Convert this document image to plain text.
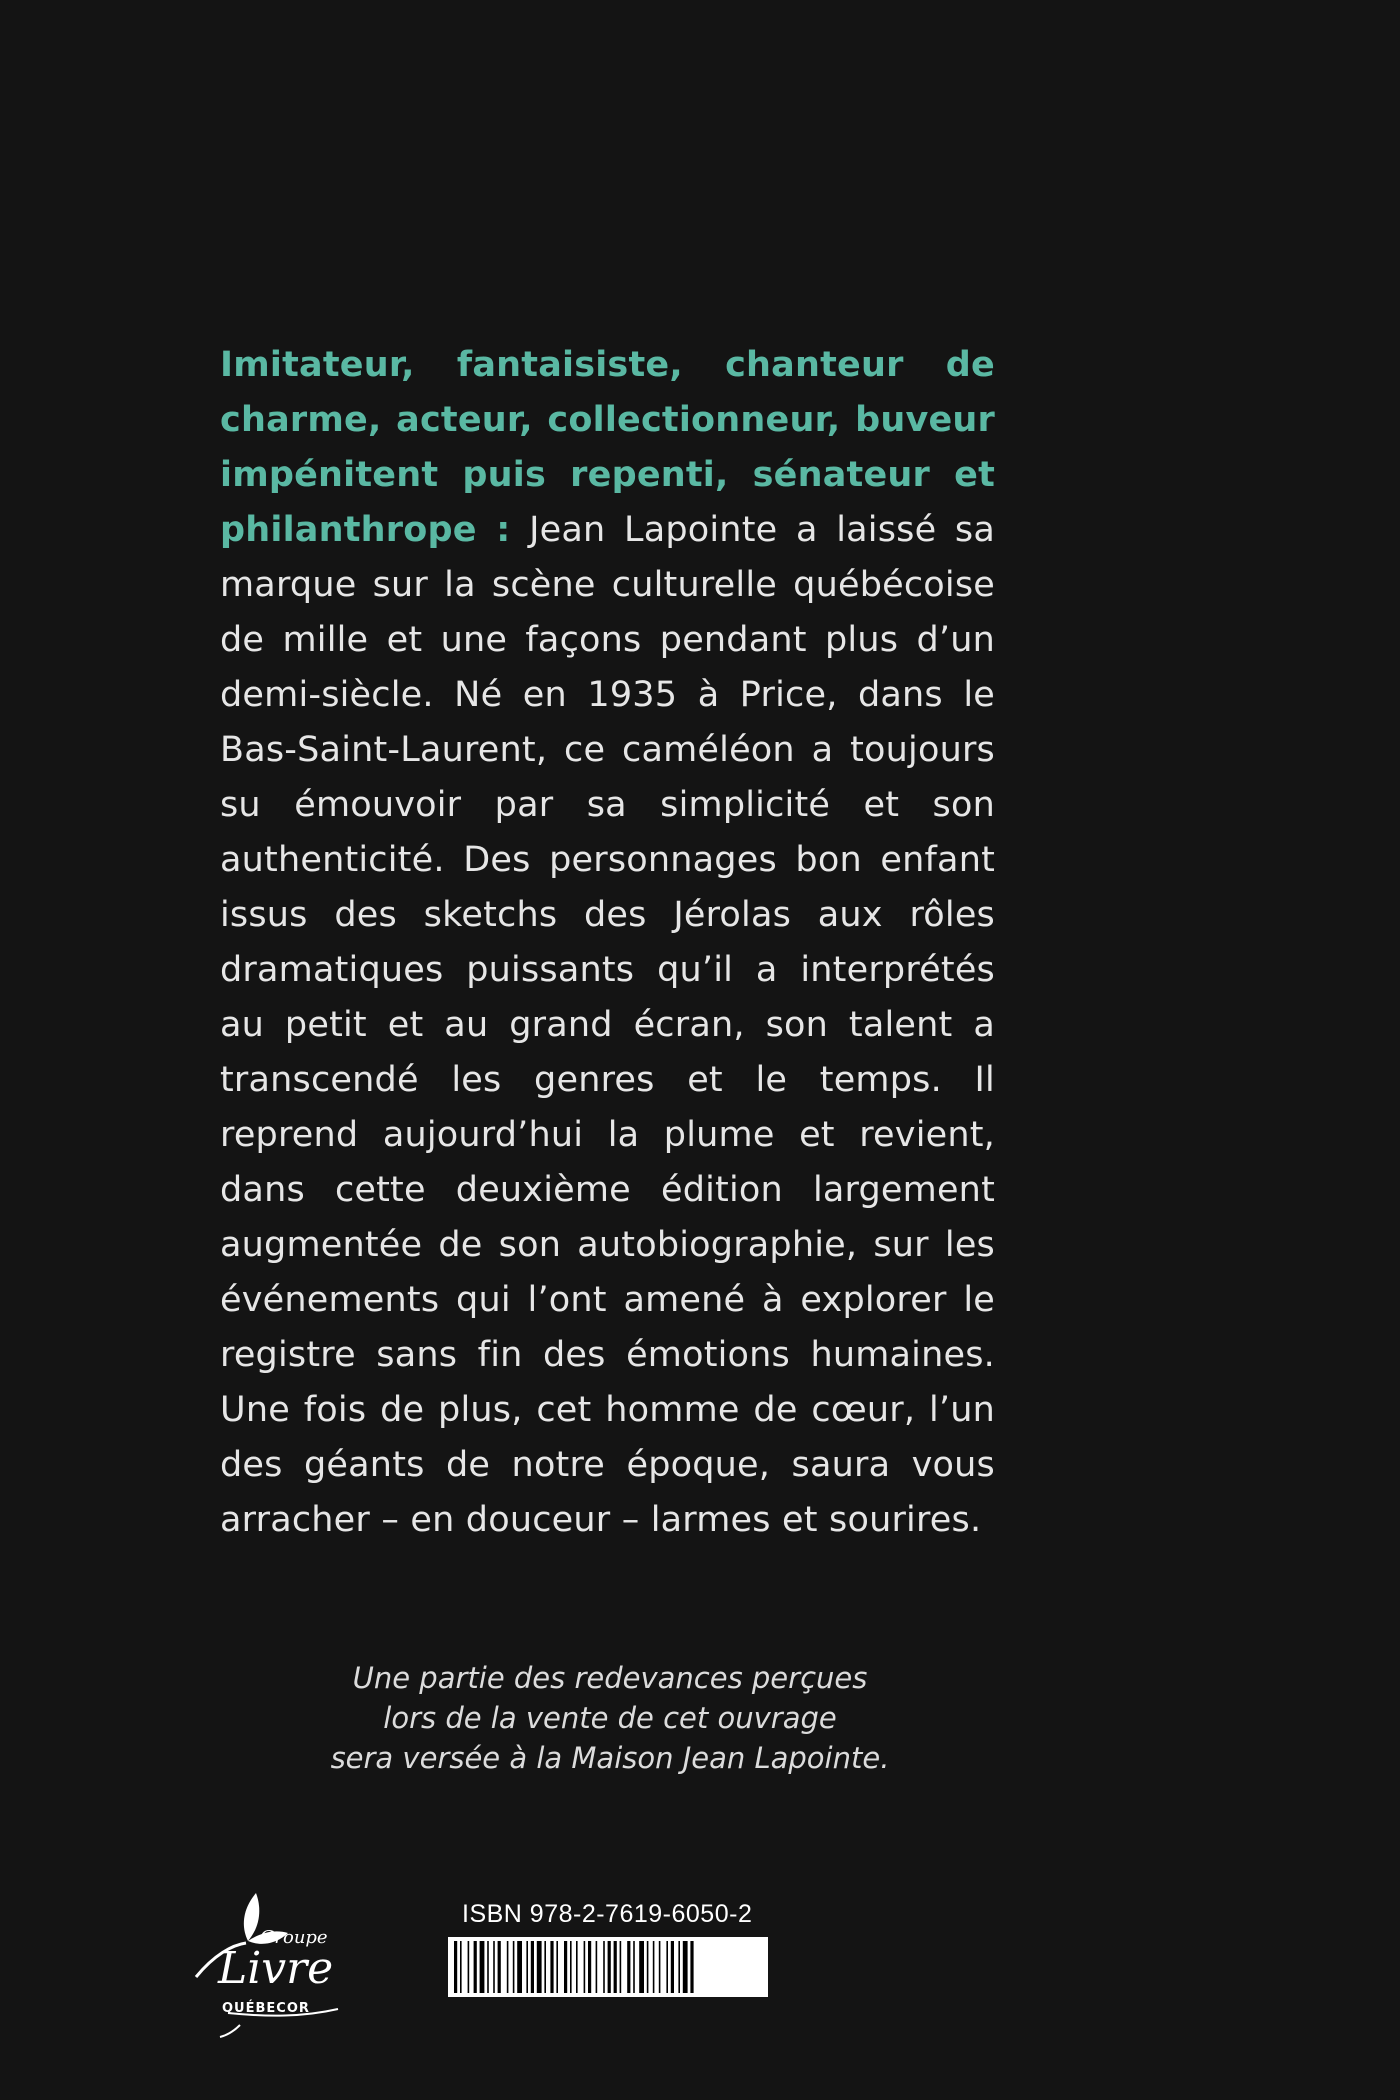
Imitateur, fantaisiste, chanteur de charme, acteur, collectionneur, buveur impénitent puis repenti, sénateur et philanthrope : Jean Lapointe a laissé sa marque sur la scène culturelle québécoise de mille et une façons pendant plus d’un demi-siècle. Né en 1935 à Price, dans le Bas-Saint-Laurent, ce caméléon a toujours su émouvoir par sa simplicité et son authenticité. Des personnages bon enfant issus des sketchs des Jérolas aux rôles dramatiques puissants qu’il a interprétés au petit et au grand écran, son talent a transcendé les genres et le temps. Il reprend aujourd’hui la plume et revient, dans cette deuxième édition largement augmentée de son autobiographie, sur les événements qui l’ont amené à explorer le registre sans fin des émotions humaines. Une fois de plus, cet homme de cœur, l’un des géants de notre époque, saura vous arracher – en douceur – larmes et sourires.
Une partie des redevances perçues
lors de la vente de cet ouvrage
sera versée à la Maison Jean Lapointe.
Groupe
Livre
QUÉBECOR
ISBN 978-2-7619-6050-2
